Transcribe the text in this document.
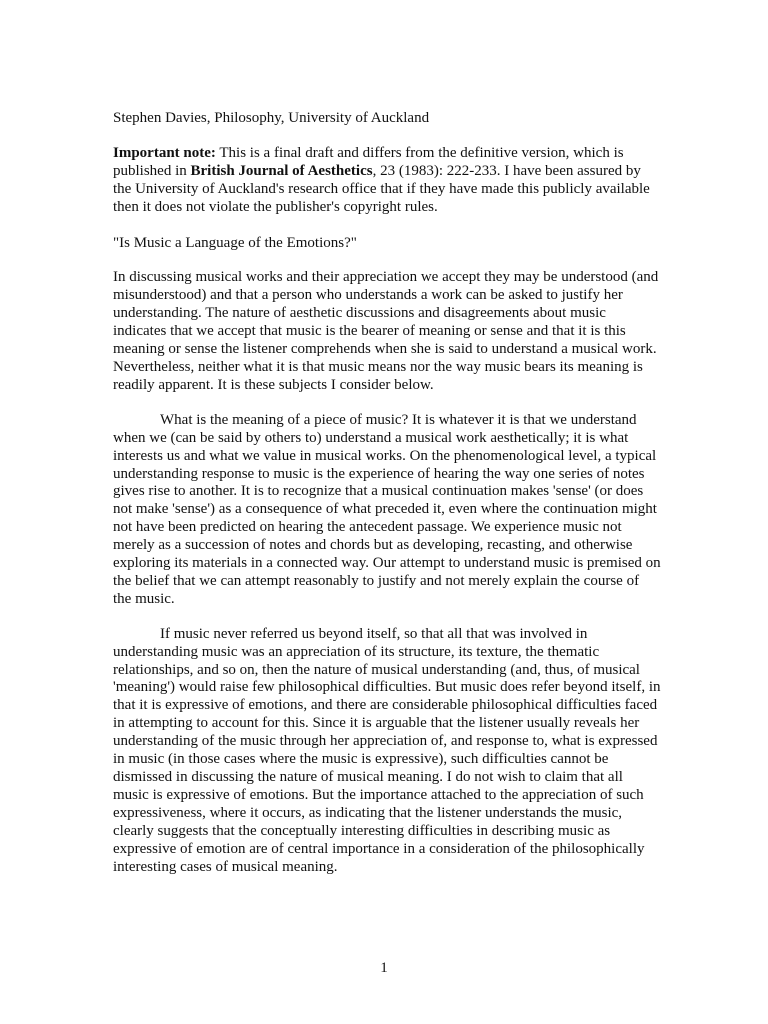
Stephen Davies, Philosophy, University of Auckland

Important note: This is a final draft and differs from the definitive version, which is published in British Journal of Aesthetics, 23 (1983): 222-233. I have been assured by the University of Auckland's research office that if they have made this publicly available then it does not violate the publisher's copyright rules.

"Is Music a Language of the Emotions?"

In discussing musical works and their appreciation we accept they may be understood (and misunderstood) and that a person who understands a work can be asked to justify her understanding. The nature of aesthetic discussions and disagreements about music indicates that we accept that music is the bearer of meaning or sense and that it is this meaning or sense the listener comprehends when she is said to understand a musical work. Nevertheless, neither what it is that music means nor the way music bears its meaning is readily apparent. It is these subjects I consider below.

What is the meaning of a piece of music? It is whatever it is that we understand when we (can be said by others to) understand a musical work aesthetically; it is what interests us and what we value in musical works. On the phenomenological level, a typical understanding response to music is the experience of hearing the way one series of notes gives rise to another. It is to recognize that a musical continuation makes 'sense' (or does not make 'sense') as a consequence of what preceded it, even where the continuation might not have been predicted on hearing the antecedent passage. We experience music not merely as a succession of notes and chords but as developing, recasting, and otherwise exploring its materials in a connected way. Our attempt to understand music is premised on the belief that we can attempt reasonably to justify and not merely explain the course of the music.

If music never referred us beyond itself, so that all that was involved in understanding music was an appreciation of its structure, its texture, the thematic relationships, and so on, then the nature of musical understanding (and, thus, of musical 'meaning') would raise few philosophical difficulties. But music does refer beyond itself, in that it is expressive of emotions, and there are considerable philosophical difficulties faced in attempting to account for this. Since it is arguable that the listener usually reveals her understanding of the music through her appreciation of, and response to, what is expressed in music (in those cases where the music is expressive), such difficulties cannot be dismissed in discussing the nature of musical meaning. I do not wish to claim that all music is expressive of emotions. But the importance attached to the appreciation of such expressiveness, where it occurs, as indicating that the listener understands the music, clearly suggests that the conceptually interesting difficulties in describing music as expressive of emotion are of central importance in a consideration of the philosophically interesting cases of musical meaning.

1
